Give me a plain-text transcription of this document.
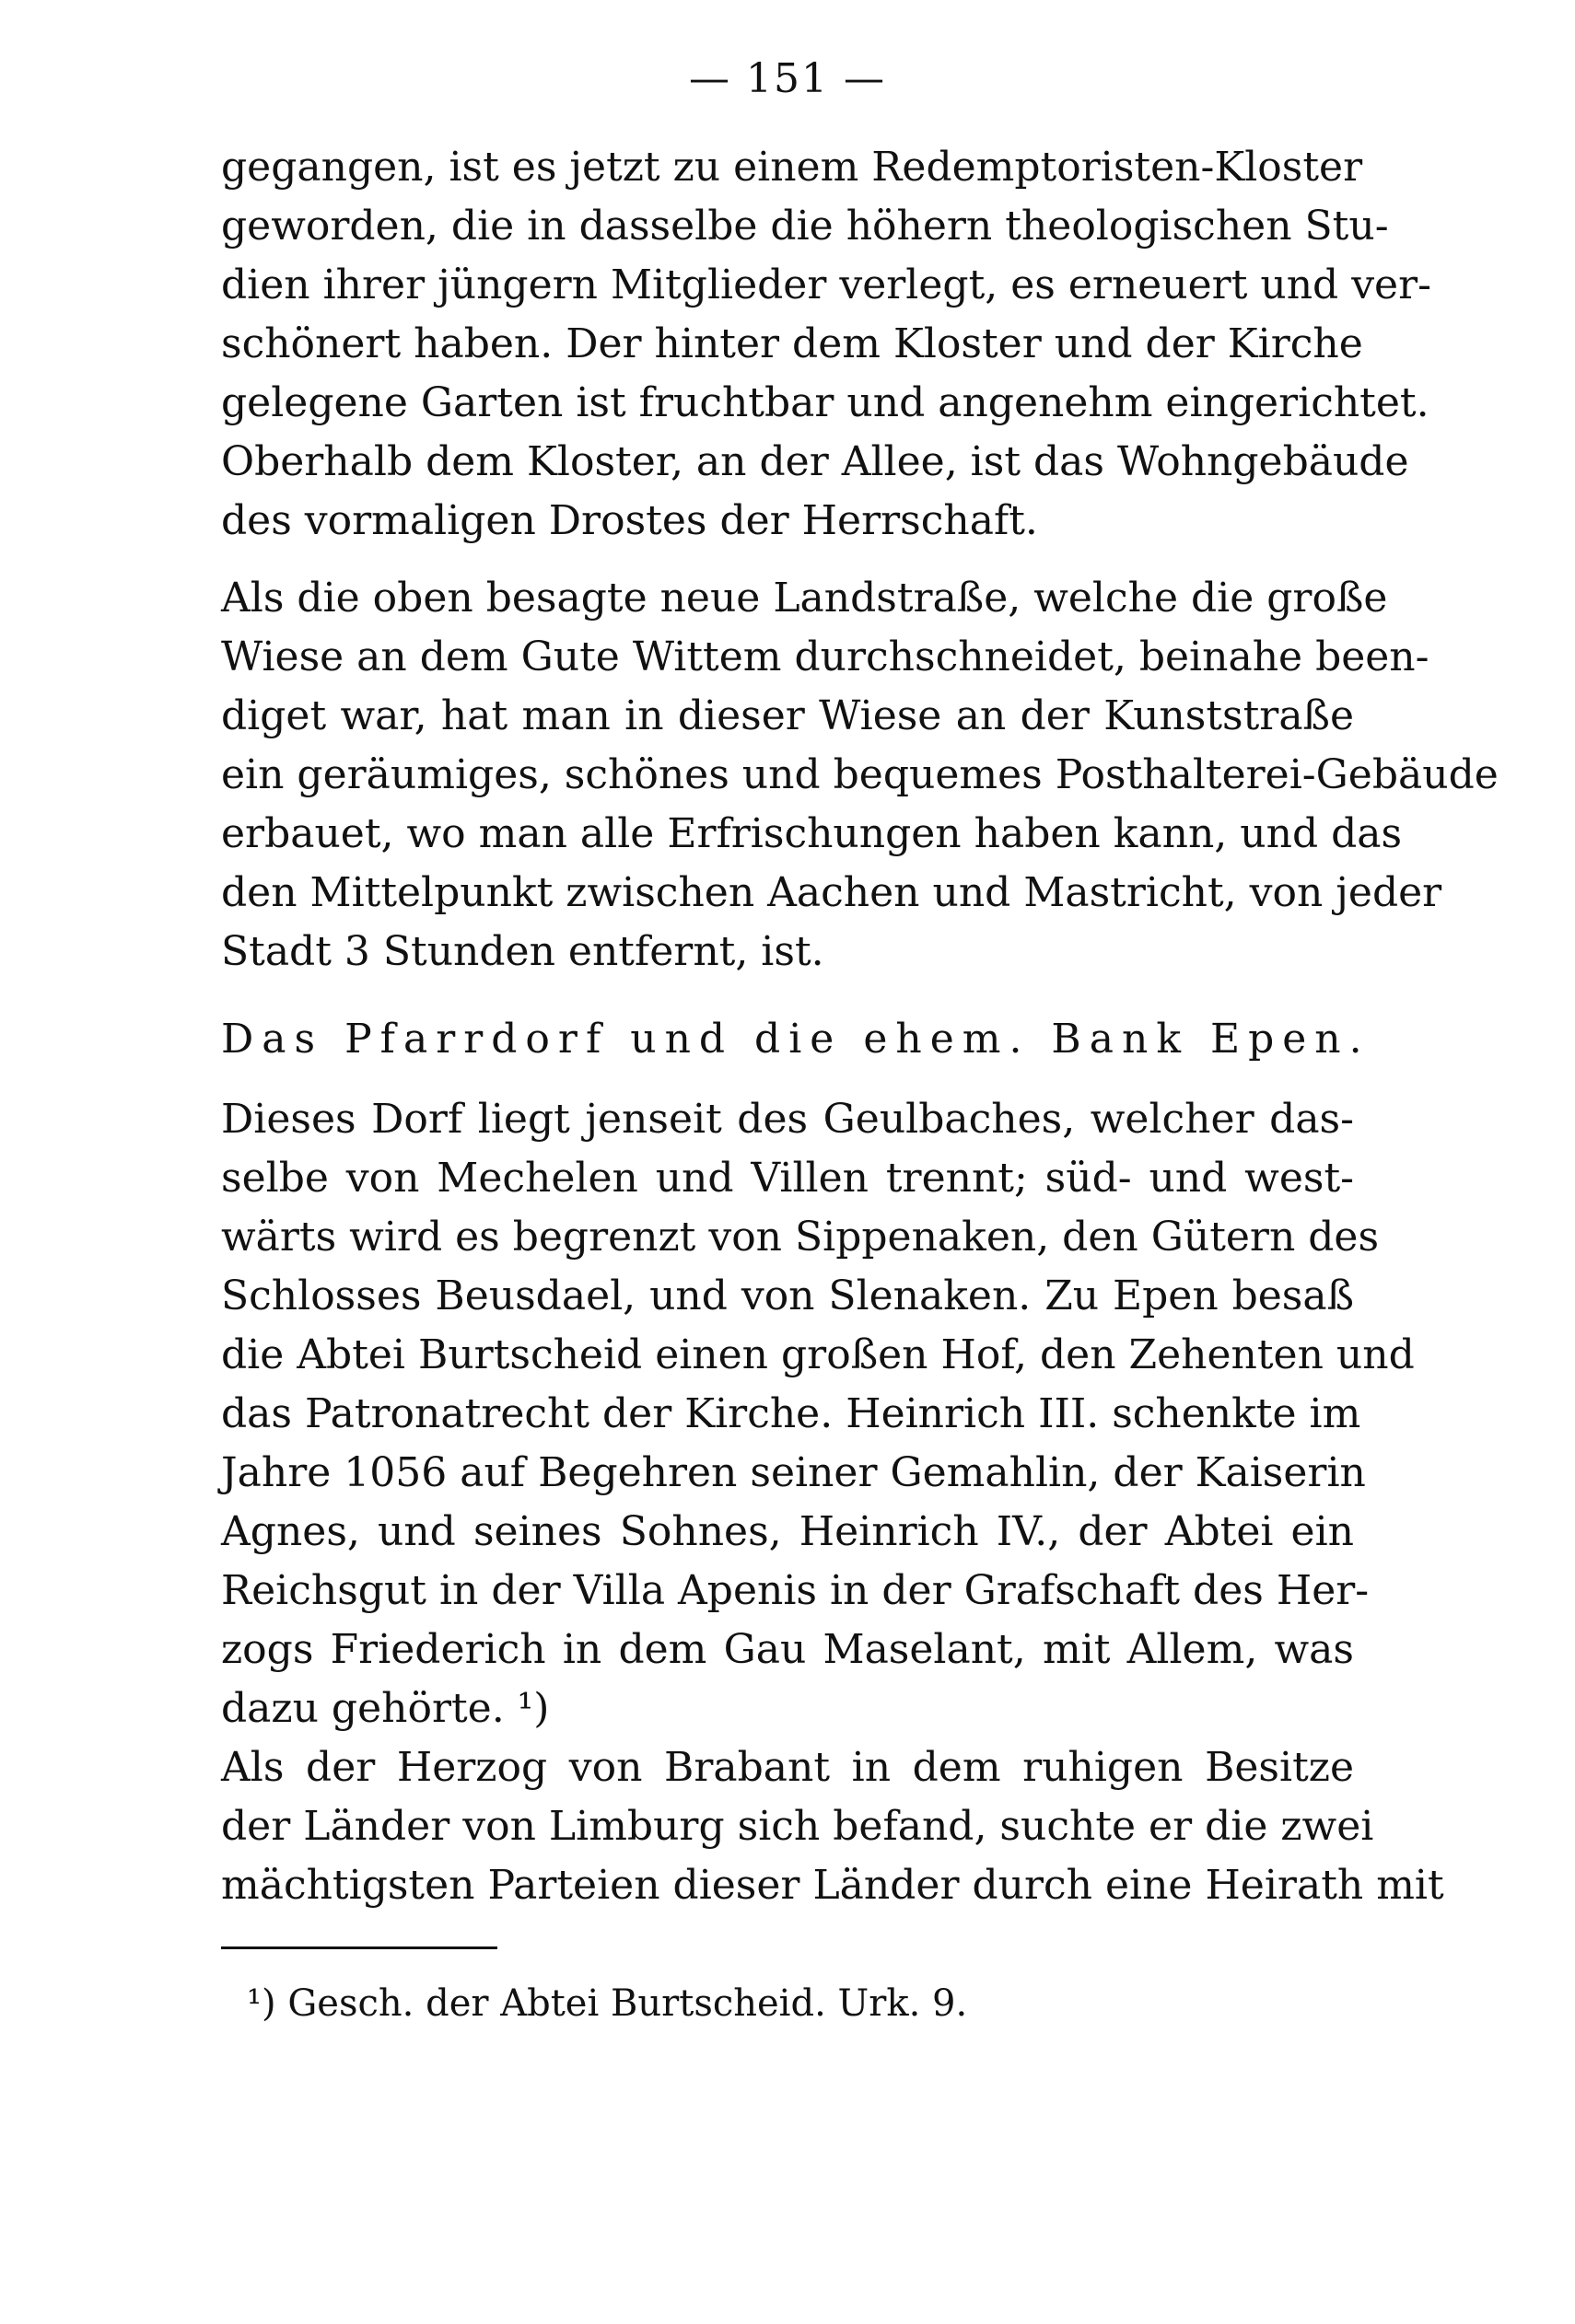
— 151 —
gegangen, ist es jetzt zu einem Redemptoristen-Kloster
geworden, die in dasselbe die höhern theologischen Stu-
dien ihrer jüngern Mitglieder verlegt, es erneuert und ver-
schönert haben. Der hinter dem Kloster und der Kirche
gelegene Garten ist fruchtbar und angenehm eingerichtet.
Oberhalb dem Kloster, an der Allee, ist das Wohngebäude
des vormaligen Drostes der Herrschaft.
Als die oben besagte neue Landstraße, welche die große
Wiese an dem Gute Wittem durchschneidet, beinahe been-
diget war, hat man in dieser Wiese an der Kunststraße
ein geräumiges, schönes und bequemes Posthalterei-Gebäude
erbauet, wo man alle Erfrischungen haben kann, und das
den Mittelpunkt zwischen Aachen und Mastricht, von jeder
Stadt 3 Stunden entfernt, ist.
Das Pfarrdorf und die ehem. Bank Epen.
Dieses Dorf liegt jenseit des Geulbaches, welcher das-
selbe von Mechelen und Villen trennt; süd- und west-
wärts wird es begrenzt von Sippenaken, den Gütern des
Schlosses Beusdael, und von Slenaken. Zu Epen besaß
die Abtei Burtscheid einen großen Hof, den Zehenten und
das Patronatrecht der Kirche. Heinrich III. schenkte im
Jahre 1056 auf Begehren seiner Gemahlin, der Kaiserin
Agnes, und seines Sohnes, Heinrich IV., der Abtei ein
Reichsgut in der Villa Apenis in der Grafschaft des Her-
zogs Friederich in dem Gau Maselant, mit Allem, was
dazu gehörte. ¹)
Als der Herzog von Brabant in dem ruhigen Besitze
der Länder von Limburg sich befand, suchte er die zwei
mächtigsten Parteien dieser Länder durch eine Heirath mit
¹) Gesch. der Abtei Burtscheid. Urk. 9.
